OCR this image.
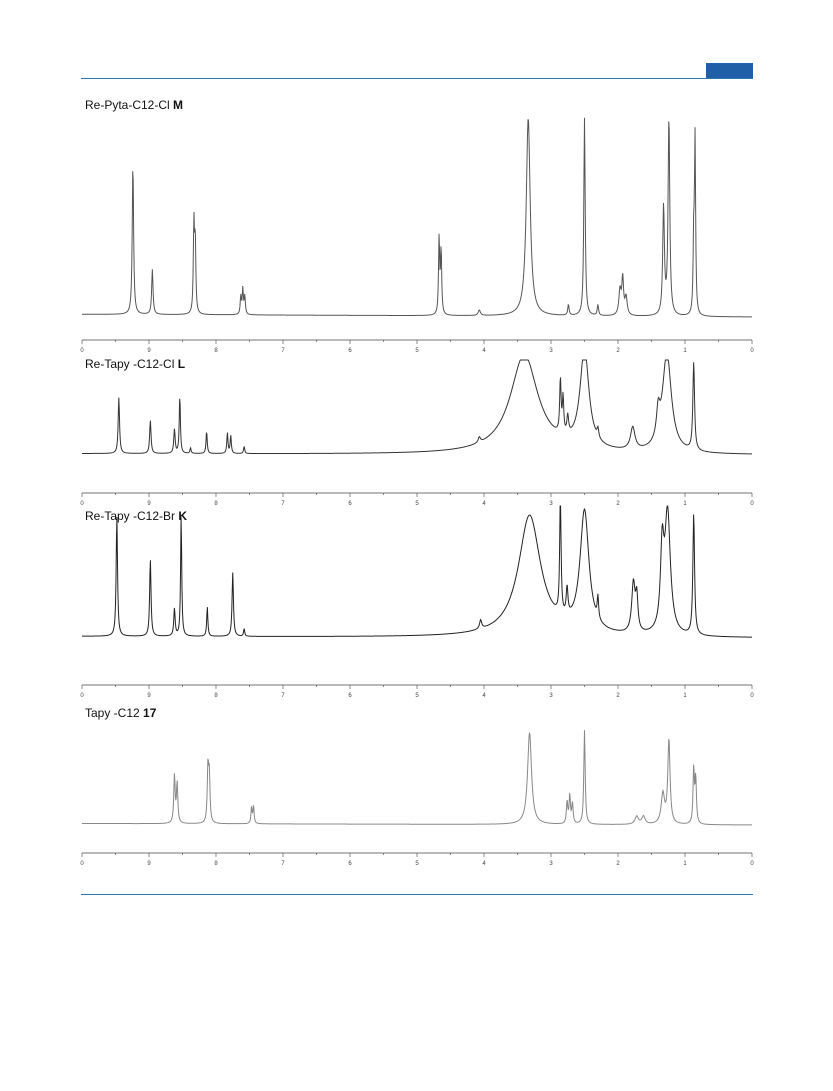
0	9	8	7	6	5	4	3	2	1	0
0	9	8	7	6	5	4	3	2	1	0
0	9	8	7	6	5	4	3	2	1	0
0	9	8	7	6	5	4	3	2	1	0
Re-Pyta-C12-Cl M
Re-Tapy -C12-Cl L
Re-Tapy -C12-Br K
Tapy -C12 17
